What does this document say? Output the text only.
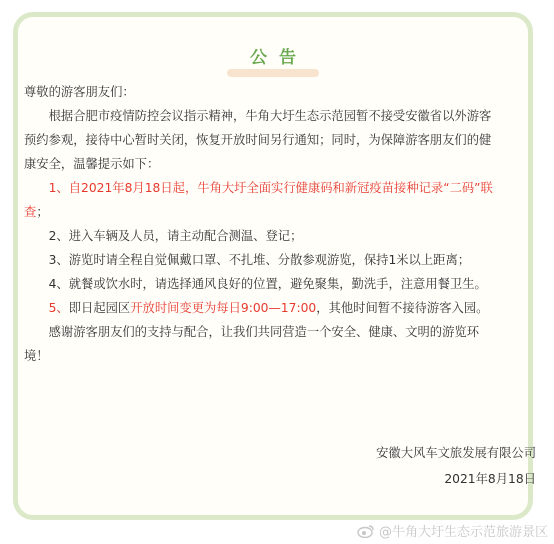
公告

尊敬的游客朋友们：

根据合肥市疫情防控会议指示精神，牛角大圩生态示范园暂不接受安徽省以外游客预约参观，接待中心暂时关闭，恢复开放时间另行通知；同时，为保障游客朋友们的健康安全，温馨提示如下：

1、自2021年8月18日起，牛角大圩全面实行健康码和新冠疫苗接种记录“二码”联查；

2、进入车辆及人员，请主动配合测温、登记；

3、游览时请全程自觉佩戴口罩、不扎堆、分散参观游览，保持1米以上距离；

4、就餐或饮水时，请选择通风良好的位置，避免聚集，勤洗手，注意用餐卫生。

5、即日起园区开放时间变更为每日9:00—17:00，其他时间暂不接待游客入园。

感谢游客朋友们的支持与配合，让我们共同营造一个安全、健康、文明的游览环境！

安徽大风车文旅发展有限公司
2021年8月18日
@牛角大圩生态示范旅游景区
